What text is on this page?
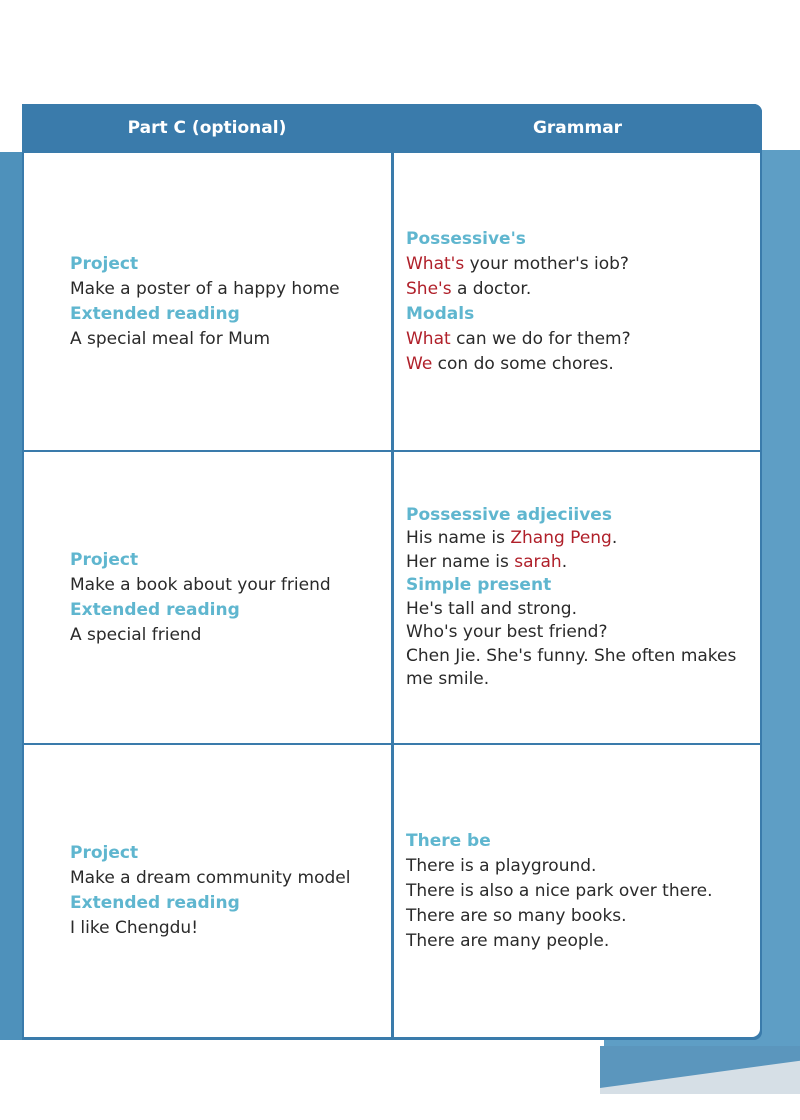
Part C (optional)	Grammar
Project
Make a poster of a happy home
Extended reading
A special meal for Mum
Possessive's
What's your mother's iob?
She's a doctor.
Modals
What can we do for them?
We con do some chores.
Project
Make a book about your friend
Extended reading
A special friend
Possessive adjeciives
His name is Zhang Peng.
Her name is sarah.
Simple present
He's tall and strong.
Who's your best friend?
Chen Jie. She's funny. She often makes
me smile.
Project
Make a dream community model
Extended reading
I like Chengdu!
There be
There is a playground.
There is also a nice park over there.
There are so many books.
There are many people.
